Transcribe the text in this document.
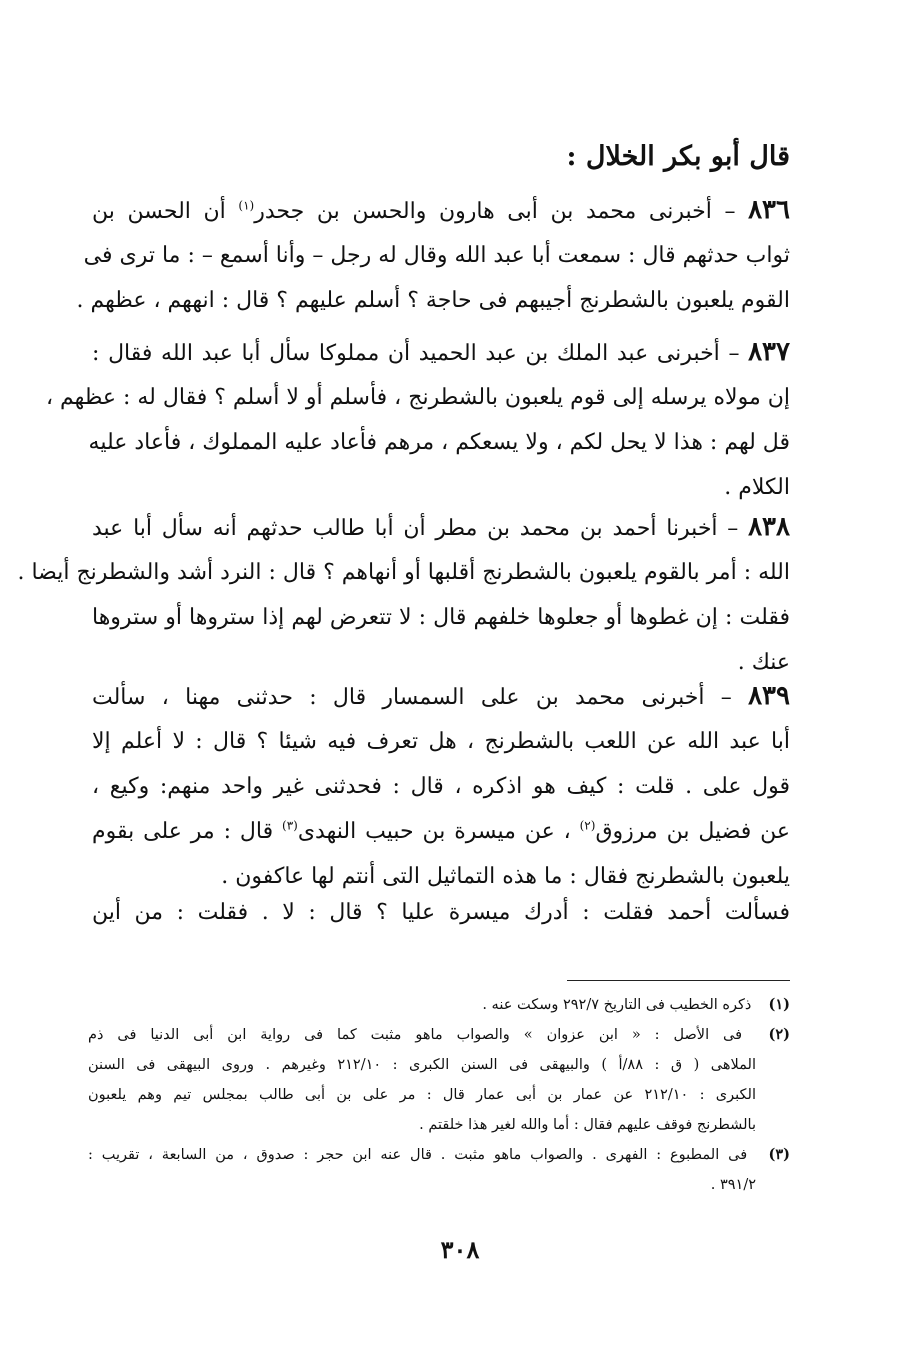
قال أبو بكر الخلال :
٨٣٦ – أخبرنى محمد بن أبى هارون والحسن بن جحدر$^{(١)}$ أن الحسن بن
ثواب حدثهم قال : سمعت أبا عبد الله وقال له رجل – وأنا أسمع – : ما ترى فى
القوم يلعبون بالشطرنج أجيبهم فى حاجة ؟ أسلم عليهم ؟ قال : انههم ، عظهم .
٨٣٧ – أخبرنى عبد الملك بن عبد الحميد أن مملوكا سأل أبا عبد الله فقال :
إن مولاه يرسله إلى قوم يلعبون بالشطرنج ، فأسلم أو لا أسلم ؟ فقال له : عظهم ،
قل لهم : هذا لا يحل لكم ، ولا يسعكم ، مرهم فأعاد عليه المملوك ، فأعاد عليه
الكلام .
٨٣٨ – أخبرنا أحمد بن محمد بن مطر أن أبا طالب حدثهم أنه سأل أبا عبد
الله : أمر بالقوم يلعبون بالشطرنج أقلبها أو أنهاهم ؟ قال : النرد أشد والشطرنج أيضا .
فقلت : إن غطوها أو جعلوها خلفهم قال : لا تتعرض لهم إذا ستروها أو ستروها
عنك .
٨٣٩ – أخبرنى محمد بن على السمسار قال : حدثنى مهنا ، سألت
أبا عبد الله عن اللعب بالشطرنج ، هل تعرف فيه شيئا ؟ قال : لا أعلم إلا
قول على . قلت : كيف هو اذكره ، قال : فحدثنى غير واحد منهم: وكيع ،
عن فضيل بن مرزوق$^{(٢)}$ ، عن ميسرة بن حبيب النهدى$^{(٣)}$ قال : مر على بقوم
يلعبون بالشطرنج فقال : ما هذه التماثيل التى أنتم لها عاكفون .
فسألت أحمد فقلت : أدرك ميسرة عليا ؟ قال : لا . فقلت : من أين
(١) ذكره الخطيب فى التاريخ ٢٩٢/٧ وسكت عنه .
(٢) فى الأصل : « ابن عزوان » والصواب ماهو مثبت كما فى رواية ابن أبى الدنيا فى ذم
الملاهى ( ق : ٨٨/أ ) والبيهقى فى السنن الكبرى : ٢١٢/١٠ وغيرهم . وروى البيهقى فى السنن
الكبرى : ٢١٢/١٠ عن عمار بن أبى عمار قال : مر على بن أبى طالب بمجلس تيم وهم يلعبون
بالشطرنج فوقف عليهم فقال : أما والله لغير هذا خلقتم .
(٣) فى المطبوع : الفهرى . والصواب ماهو مثبت . قال عنه ابن حجر : صدوق ، من السابعة ، تقريب :
٣٩١/٢ .
٣٠٨
